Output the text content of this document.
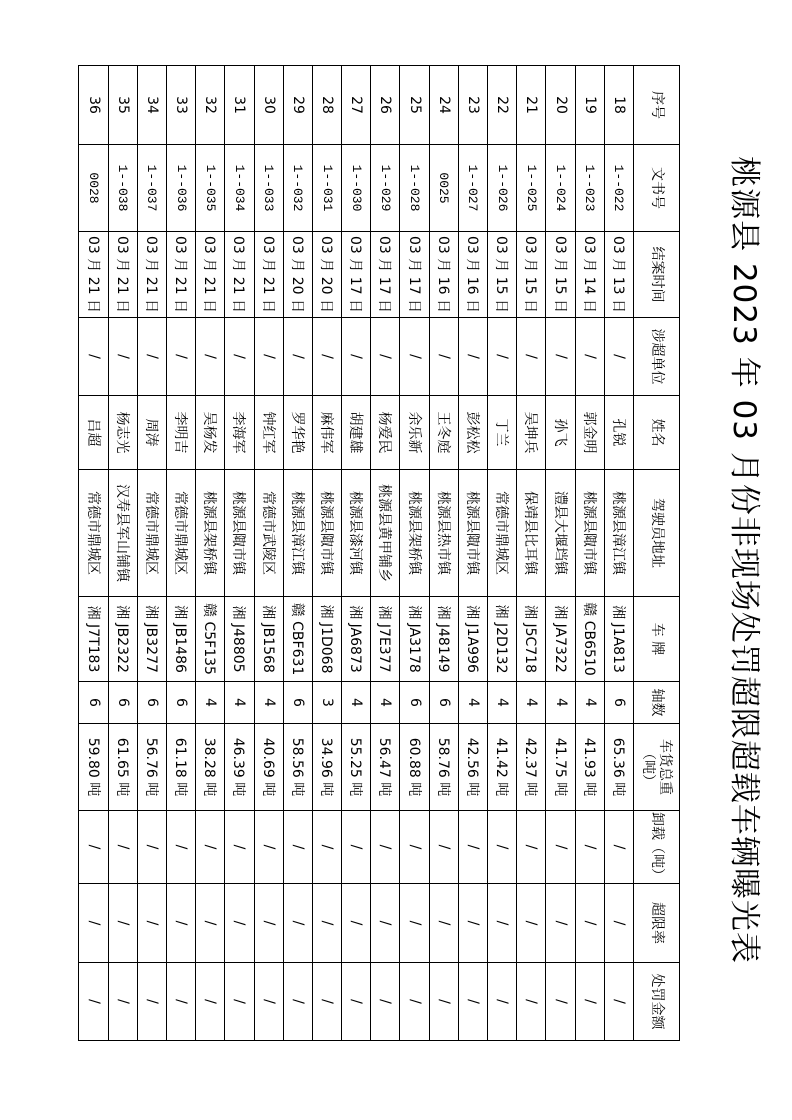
桃源县 2023 年 03 月份非现场处罚超限超载车辆曝光表
序号	文书号	结案时间	涉超单位	姓名	驾驶员地址	车 牌	轴数	车货总重（吨）	卸载（吨）	超限率	处罚金额
18	1--022	03 月 13 日	/	孔锐	桃源县漳江镇	湘 J1A813	6	65.36 吨	/	/	/
19	1--023	03 月 14 日	/	郭金明	桃源县陬市镇	赣 CB6510	4	41.93 吨	/	/	/
20	1--024	03 月 15 日	/	孙飞	澧县大堰垱镇	湘 JA7322	4	41.75 吨	/	/	/
21	1--025	03 月 15 日	/	吴坤兵	保靖县比耳镇	湘 J5C718	4	42.37 吨	/	/	/
22	1--026	03 月 15 日	/	丁兰	常德市鼎城区	湘 J2D132	4	41.42 吨	/	/	/
23	1--027	03 月 16 日	/	彭松松	桃源县陬市镇	湘 J1A996	4	42.56 吨	/	/	/
24	0025	03 月 16 日	/	王冬庭	桃源县热市镇	湘 J48149	6	58.76 吨	/	/	/
25	1--028	03 月 17 日	/	余乐新	桃源县架桥镇	湘 JA3178	6	60.88 吨	/	/	/
26	1--029	03 月 17 日	/	杨爱民	桃源县黄甲铺乡	湘 J7E377	4	56.47 吨	/	/	/
27	1--030	03 月 17 日	/	胡建雄	桃源县漆河镇	湘 JA6873	4	55.25 吨	/	/	/
28	1--031	03 月 20 日	/	麻伟军	桃源县陬市镇	湘 J1D068	3	34.96 吨	/	/	/
29	1--032	03 月 20 日	/	罗华艳	桃源县漳江镇	赣 CBF631	6	58.56 吨	/	/	/
30	1--033	03 月 21 日	/	钟红军	常德市武陵区	湘 JB1568	4	40.69 吨	/	/	/
31	1--034	03 月 21 日	/	李海军	桃源县陬市镇	湘 J48805	4	46.39 吨	/	/	/
32	1--035	03 月 21 日	/	吴杨发	桃源县架桥镇	赣 C5F135	4	38.28 吨	/	/	/
33	1--036	03 月 21 日	/	李明吉	常德市鼎城区	湘 JB1486	6	61.18 吨	/	/	/
34	1--037	03 月 21 日	/	周涛	常德市鼎城区	湘 JB3277	6	56.76 吨	/	/	/
35	1--038	03 月 21 日	/	杨志光	汉寿县军山铺镇	湘 JB2322	6	61.65 吨	/	/	/
36	0028	03 月 21 日	/	吕超	常德市鼎城区	湘 J7T183	6	59.80 吨	/	/	/
